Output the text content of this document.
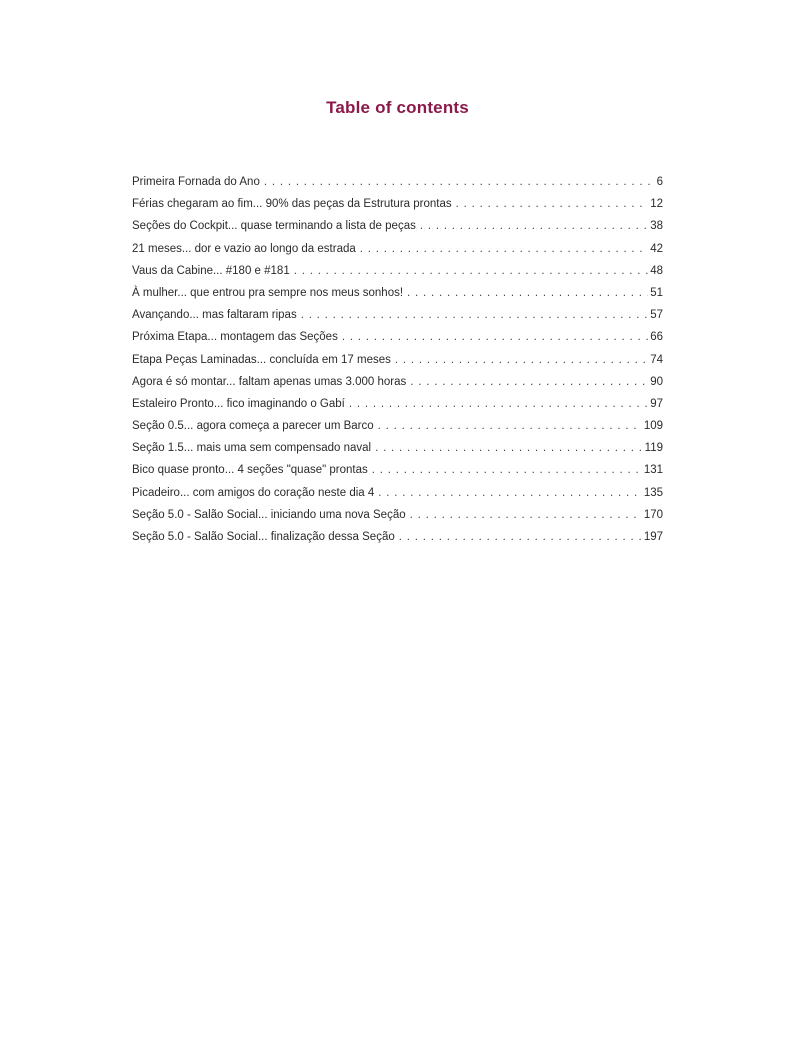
Table of contents
Primeira Fornada do Ano . . .	6
Férias chegaram ao fim... 90% das peças da Estrutura prontas . . .	12
Seções do Cockpit... quase terminando a lista de peças . . .	38
21 meses... dor e vazio ao longo da estrada . . .	42
Vaus da Cabine... #180 e #181 . . .	48
À mulher... que entrou pra sempre nos meus sonhos! . . .	51
Avançando... mas faltaram ripas . . .	57
Próxima Etapa... montagem das Seções . . .	66
Etapa Peças Laminadas... concluída em 17 meses . . .	74
Agora é só montar... faltam apenas umas 3.000 horas . . .	90
Estaleiro Pronto... fico imaginando o Gabí . . .	97
Seção 0.5... agora começa a parecer um Barco . . .	109
Seção 1.5... mais uma sem compensado naval . . .	119
Bico quase pronto... 4 seções "quase" prontas . . .	131
Picadeiro... com amigos do coração neste dia 4 . . .	135
Seção 5.0 - Salão Social... iniciando uma nova Seção . . .	170
Seção 5.0 - Salão Social... finalização dessa Seção . . .	197
